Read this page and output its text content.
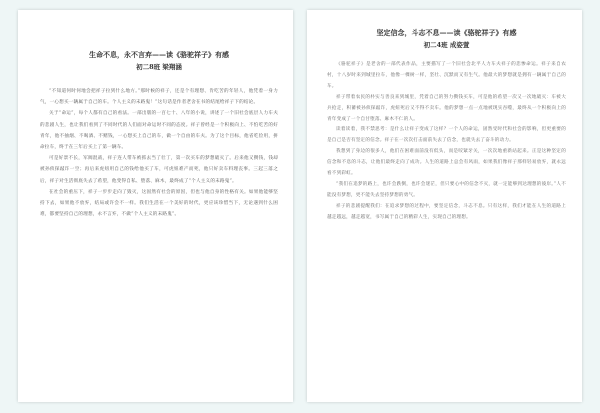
生命不息，永不言弃——读《骆驼祥子》有感
初二8班 梁翔涵

“不知道何时何地会把祥子拉到什么地方。”那时候的祥子，还是个有理想、肯吃苦的年轻人，他凭着一身力气，一心想买一辆属于自己的车。个人主义的末路鬼！”这句话是作者老舍在书的结尾给祥子下的结论。

关于“命运”，每个人都有自己的看法。一部出版的一百七十、八年的小说，讲述了一个旧社会底层人力车夫的悲剧人生，也让我们看到了不同时代的人们面对命运时不同的态度。祥子曾经是一个积极向上、不怕吃苦的好青年，他不抽烟、不喝酒、不赌钱，一心想买上自己的车，做一个自由的车夫。为了这个目标，他省吃俭用，拼命拉车，终于在三年后买上了第一辆车。

可是好景不长，军阀混战，祥子连人带车被抓去当了壮丁，第一次买车的梦想破灭了。后来他又攒钱，钱却被孙侦探敲诈一空；再后来虎妞用自己的钱给他买了车，可虎妞难产而死，他只好卖车料理丧事。三起三落之后，祥子对生活彻底失去了希望，他变得自私、堕落、麻木，最终成了“个人主义的末路鬼”。

在社会的重压下，祥子一步步走向了毁灭，这固然有社会的原因，但也与他自身的性格有关。如果他能够坚持下去，如果他不放弃，结局或许会不一样。我们生活在一个美好的时代，更应该珍惜当下，无论遇到什么困难，都要坚持自己的理想，永不言弃，不做“个人主义的末路鬼”。

坚定信念，斗志不息——读《骆驼祥子》有感
初二4班 成姿萱

《骆驼祥子》是老舍的一部代表作品，主要描写了一个旧社会北平人力车夫祥子的悲惨命运。祥子来自农村，十八岁时来到城里拉车，他像一棵树一样，坚壮、沉默而又有生气。他最大的梦想就是拥有一辆属于自己的车。

祥子带着农民的朴实与善良来到城里，凭着自己的努力攒钱买车，可是他的希望一次又一次地破灭：车被大兵抢走，积蓄被孙侦探敲诈，虎妞死后又不得不卖车。他的梦想一点一点地被现实吞噬，最终从一个积极向上的青年变成了一个自甘堕落、麻木不仁的人。

读着读着，我不禁思考：是什么让祥子变成了这样？一个人的命运，固然受时代和社会的影响，但更重要的是自己是否有坚定的信念。祥子在一次次打击面前失去了信念，也就失去了奋斗的动力。

我想到了身边的很多人，他们在困难面前没有低头，而是咬紧牙关，一次次地重新站起来。正是这种坚定的信念和不息的斗志，让他们最终走向了成功。人生的道路上总会有风雨，如果我们像祥子那样轻易放弃，就永远看不到彩虹。

“我们在追梦的路上，也许会跌倒，也许会迷茫，但只要心中的信念不灭，就一定能够到达理想的彼岸。”人不能没有梦想，更不能失去坚持梦想的勇气。

祥子的悲剧提醒我们：在追求梦想的过程中，要坚定信念，斗志不息。只有这样，我们才能在人生的道路上越走越远，越走越宽，书写属于自己的精彩人生，实现自己的理想。
